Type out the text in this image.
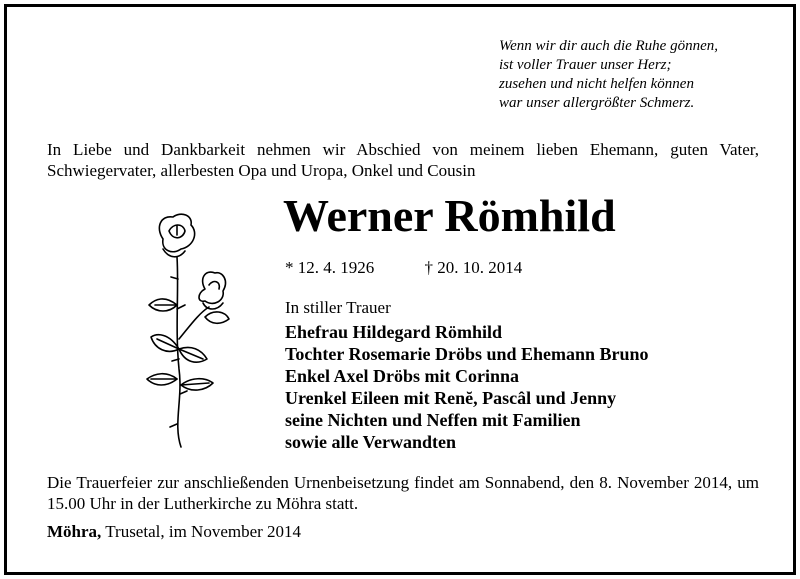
Wenn wir dir auch die Ruhe gönnen,
ist voller Trauer unser Herz;
zusehen und nicht helfen können
war unser allergrößter Schmerz.
In Liebe und Dankbarkeit nehmen wir Abschied von meinem lieben Ehemann, guten Vater, Schwiegervater, allerbesten Opa und Uropa, Onkel und Cousin
Werner Römhild
* 12. 4. 1926	† 20. 10. 2014
In stiller Trauer
Ehefrau Hildegard Römhild
Tochter Rosemarie Dröbs und Ehemann Bruno
Enkel Axel Dröbs mit Corinna
Urenkel Eileen mit Renĕ, Pascâl und Jenny
seine Nichten und Neffen mit Familien
sowie alle Verwandten
Die Trauerfeier zur anschließenden Urnenbeisetzung findet am Sonnabend, den 8. November 2014, um 15.00 Uhr in der Lutherkirche zu Möhra statt.
Möhra, Trusetal, im November 2014
